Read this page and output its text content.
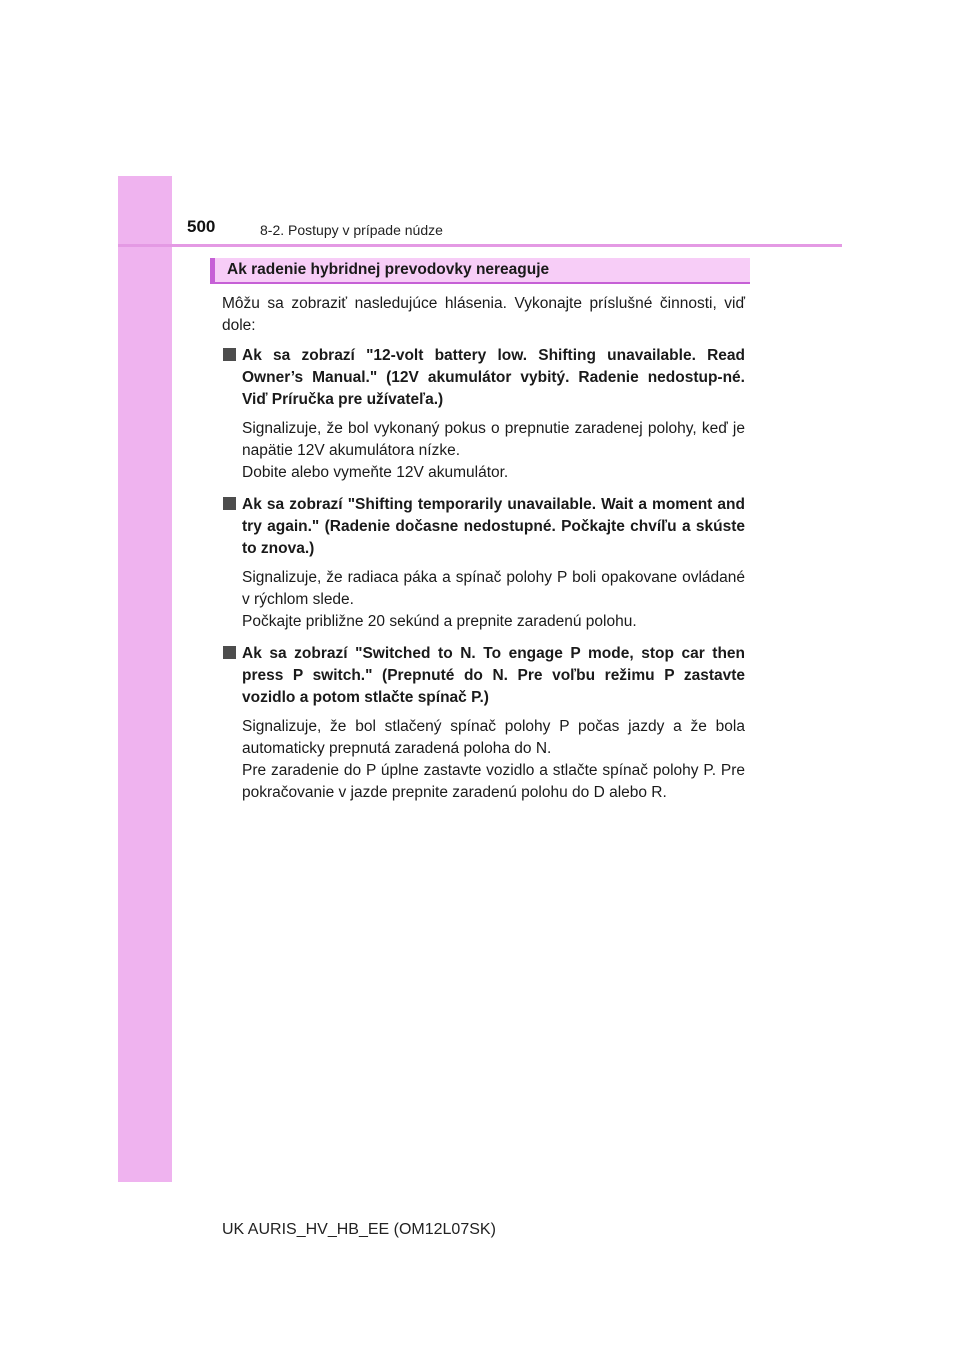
500	8-2. Postupy v prípade núdze
Ak radenie hybridnej prevodovky nereaguje

Môžu sa zobraziť nasledujúce hlásenia. Vykonajte príslušné činnosti, viď dole:

Ak sa zobrazí "12-volt battery low. Shifting unavailable. Read Owner’s Manual." (12V akumulátor vybitý. Radenie nedostup-né. Viď Príručka pre užívateľa.)

Signalizuje, že bol vykonaný pokus o prepnutie zaradenej polohy, keď je napätie 12V akumulátora nízke.
Dobite alebo vymeňte 12V akumulátor.

Ak sa zobrazí "Shifting temporarily unavailable. Wait a moment and try again." (Radenie dočasne nedostupné. Počkajte chvíľu a skúste to znova.)

Signalizuje, že radiaca páka a spínač polohy P boli opakovane ovládané v rýchlom slede.
Počkajte približne 20 sekúnd a prepnite zaradenú polohu.

Ak sa zobrazí "Switched to N. To engage P mode, stop car then press P switch." (Prepnuté do N. Pre voľbu režimu P zastavte vozidlo a potom stlačte spínač P.)

Signalizuje, že bol stlačený spínač polohy P počas jazdy a že bola automaticky prepnutá zaradená poloha do N.
Pre zaradenie do P úplne zastavte vozidlo a stlačte spínač polohy P. Pre pokračovanie v jazde prepnite zaradenú polohu do D alebo R.

UK AURIS_HV_HB_EE (OM12L07SK)
